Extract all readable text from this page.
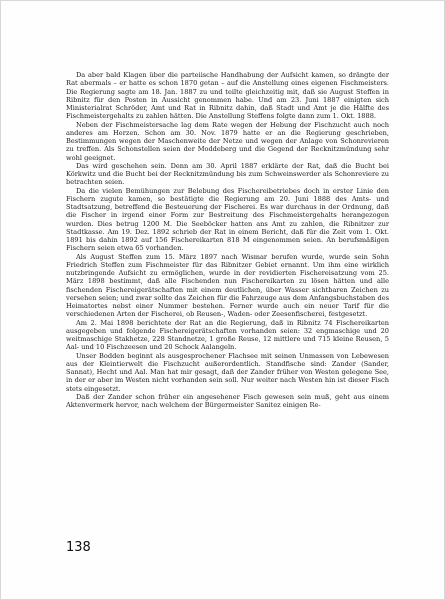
Da aber bald Klagen über die parteiische Handhabung der Aufsicht kamen, so drängte der Rat abermals – er hatte es schon 1870 getan – auf die Anstellung eines eigenen Fischmeisters. Die Regierung sagte am 18. Jan. 1887 zu und teilte gleichzeitig mit, daß sie August Steffen in Ribnitz für den Posten in Aussicht genommen habe. Und am 23. Juni 1887 einigten sich Ministerialrat Schröder, Amt und Rat in Ribnitz dahin, daß Stadt und Amt je die Hälfte des Fischmeistergehalts zu zahlen hätten. Die Anstellung Steffens folgte dann zum 1. Okt. 1888.

Neben der Fischmeistersache lag dem Rate wegen der Hebung der Fischzucht auch noch anderes am Herzen. Schon am 30. Nov. 1879 hatte er an die Regierung geschrieben, Bestimmungen wegen der Maschenweite der Netze und wegen der Anlage von Schonrevieren zu treffen. Als Schonstellen seien der Moddeberg und die Gegend der Recknitzmündung sehr wohl geeignet.

Das wird geschehen sein. Denn am 30. April 1887 erklärte der Rat, daß die Bucht bei Körkwitz und die Bucht bei der Recknitzmündung bis zum Schweinswerder als Schonreviere zu betrachten seien.

Da die vielen Bemühungen zur Belebung des Fischereibetriebes doch in erster Linie den Fischern zugute kamen, so bestätigte die Regierung am 20. Juni 1888 des Amts- und Stadtsatzung, betreffend die Besteuerung der Fischerei. Es war durchaus in der Ordnung, daß die Fischer in irgend einer Form zur Bestreitung des Fischmeistergehalts herangezogen wurden. Dies betrug 1200 M. Die Seeböcker hatten ans Amt zu zahlen, die Ribnitzer zur Stadtkasse. Am 19. Dez. 1892 schrieb der Rat in einem Bericht, daß für die Zeit vom 1. Okt. 1891 bis dahin 1892 auf 156 Fischereikarten 818 M eingenommen seien. An berufsmäßigen Fischern seien etwa 65 vorhanden.

Als August Steffen zum 15. März 1897 nach Wismar berufen wurde, wurde sein Sohn Friedrich Steffen zum Fischmeister für das Ribnitzer Gebiet ernannt. Um ihm eine wirklich nutzbringende Aufsicht zu ermöglichen, wurde in der revidierten Fischereisatzung vom 25. März 1898 bestimmt, daß alle Fischenden nun Fischereikarten zu lösen hätten und alle fischenden Fischereigerätschaften mit einem deutlichen, über Wasser sichtbaren Zeichen zu versehen seien; und zwar sollte das Zeichen für die Fahrzeuge aus dem Anfangsbuchstaben des Heimatortes nebst einer Nummer bestehen. Ferner wurde auch ein neuer Tarif für die verschiedenen Arten der Fischerei, ob Reusen-, Waden- oder Zeesenfischerei, festgesetzt.

Am 2. Mai 1898 berichtete der Rat an die Regierung, daß in Ribnitz 74 Fischereikarten ausgegeben und folgende Fischereigerätschaften vorhanden seien: 32 engmaschige und 20 weitmaschige Stakhetze, 228 Standnetze, 1 große Reuse, 12 mittlere und 715 kleine Reusen, 5 Aal- und 10 Fischzeesen und 20 Schock Aalangeln.

Unser Bodden beginnt als ausgesprochener Flachsee mit seinen Unmassen von Lebewesen aus der Kleintierwelt die Fischzucht außerordentlich. Standfische sind: Zander (Sander, Sannat), Hecht und Aal. Man hat mir gesagt, daß der Zander früher von Westen gelegene See, in der er aber im Westen nicht vorhanden sein soll. Nur weiter nach Westen hin ist dieser Fisch stets eingesetzt.

Daß der Zander schon früher ein angesehener Fisch gewesen sein muß, geht aus einem Aktenvermerk hervor, nach welchem der Bürgermeister Sanitez einigen Re-

138
